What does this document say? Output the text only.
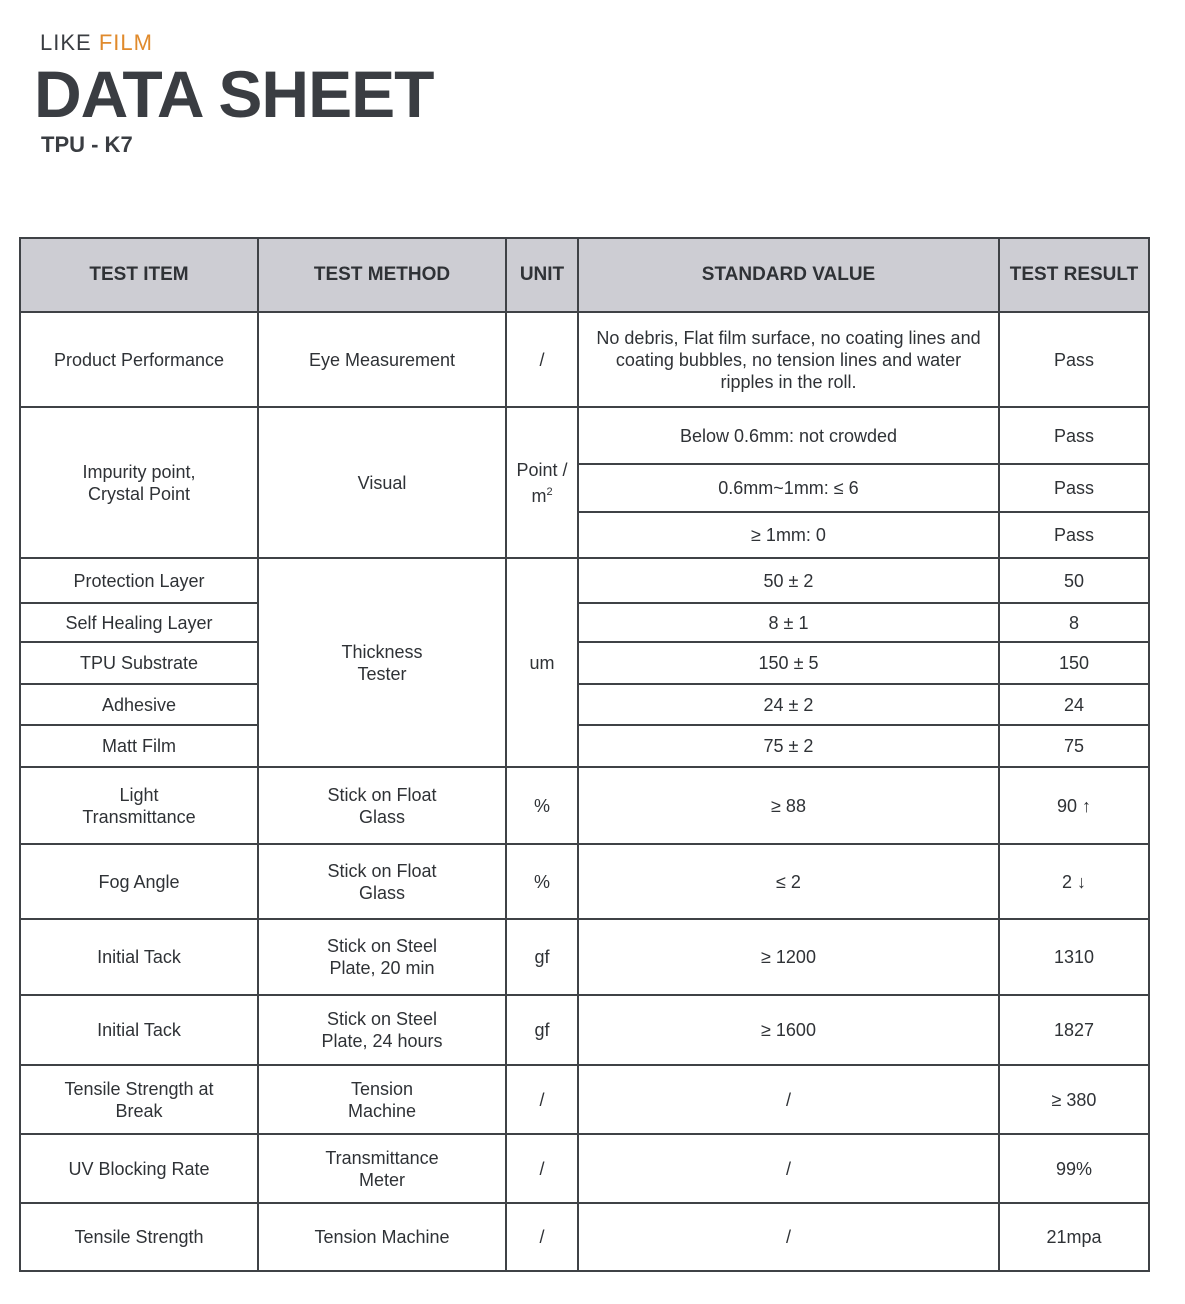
LIKE FILM
DATA SHEET
TPU - K7
TEST ITEM	TEST METHOD	UNIT	STANDARD VALUE	TEST RESULT
Product Performance	Eye Measurement	/	No debris, Flat film surface, no coating lines and coating bubbles, no tension lines and water ripples in the roll.	Pass
Impurity point, Crystal Point	Visual	Point / $m^2$	Below 0.6mm: not crowded	Pass
			0.6mm~1mm: ≤ 6	Pass
			≥ 1mm: 0	Pass
Protection Layer	Thickness Tester	um	50 ± 2	50
Self Healing Layer			8 ± 1	8
TPU Substrate			150 ± 5	150
Adhesive			24 ± 2	24
Matt Film			75 ± 2	75
Light Transmittance	Stick on Float Glass	%	≥ 88	90 ↑
Fog Angle	Stick on Float Glass	%	≤ 2	2 ↓
Initial Tack	Stick on Steel Plate, 20 min	gf	≥ 1200	1310
Initial Tack	Stick on Steel Plate, 24 hours	gf	≥ 1600	1827
Tensile Strength at Break	Tension Machine	/	/	≥ 380
UV Blocking Rate	Transmittance Meter	/	/	99%
Tensile Strength	Tension Machine	/	/	21mpa
